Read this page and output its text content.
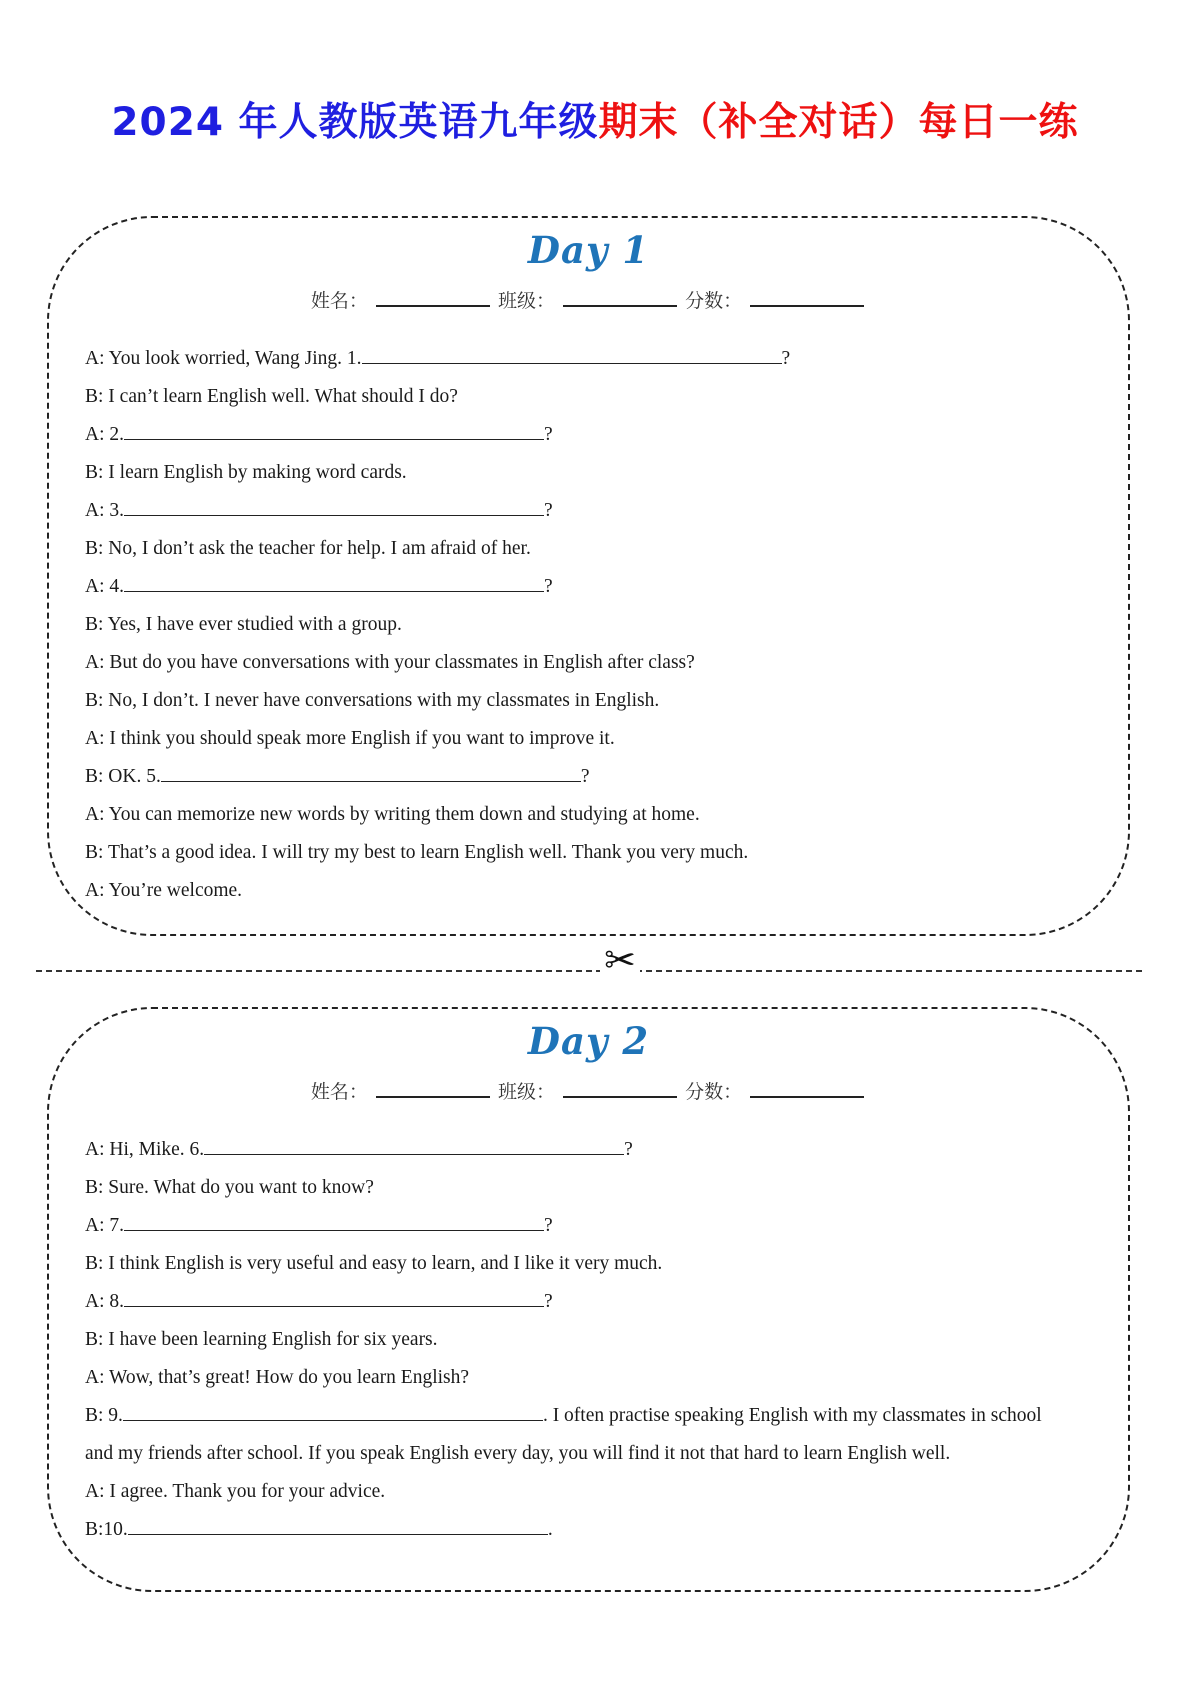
2024 年人教版英语九年级期末（补全对话）每日一练
Day 1
姓名：	班级：	分数：
A: You look worried, Wang Jing. 1.	?
B: I can’t learn English well. What should I do?
A: 2.	?
B: I learn English by making word cards.
A: 3.	?
B: No, I don’t ask the teacher for help. I am afraid of her.
A: 4.	?
B: Yes, I have ever studied with a group.
A: But do you have conversations with your classmates in English after class?
B: No, I don’t. I never have conversations with my classmates in English.
A: I think you should speak more English if you want to improve it.
B: OK. 5.	?
A: You can memorize new words by writing them down and studying at home.
B: That’s a good idea. I will try my best to learn English well. Thank you very much.
A: You’re welcome.
✂
Day 2
姓名：	班级：	分数：
A: Hi, Mike. 6.	?
B: Sure. What do you want to know?
A: 7.	?
B: I think English is very useful and easy to learn, and I like it very much.
A: 8.	?
B: I have been learning English for six years.
A: Wow, that’s great! How do you learn English?
B: 9.	. I often practise speaking English with my classmates in school
and my friends after school. If you speak English every day, you will find it not that hard to learn English well.
A: I agree. Thank you for your advice.
B:10.	.
